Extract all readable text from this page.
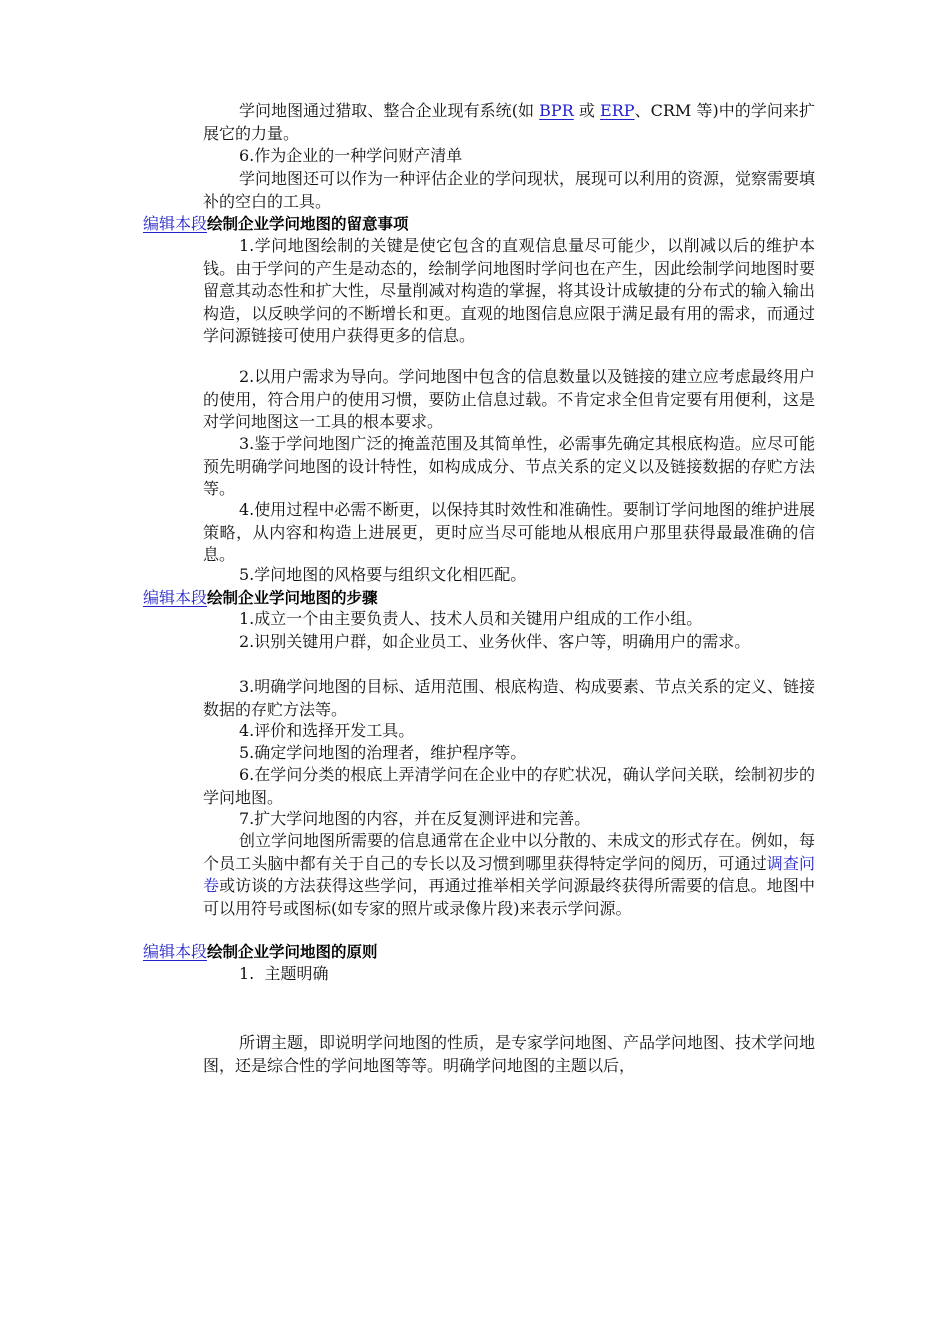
学问地图通过猎取、整合企业现有系统(如 BPR 或 ERP、CRM 等)中的学问来扩展它的力量。

6.作为企业的一种学问财产清单

学问地图还可以作为一种评估企业的学问现状，展现可以利用的资源，觉察需要填补的空白的工具。

编辑本段绘制企业学问地图的留意事项

1.学问地图绘制的关键是使它包含的直观信息量尽可能少，以削减以后的维护本钱。由于学问的产生是动态的，绘制学问地图时学问也在产生，因此绘制学问地图时要留意其动态性和扩大性，尽量削减对构造的掌握，将其设计成敏捷的分布式的输入输出构造，以反映学问的不断增长和更。直观的地图信息应限于满足最有用的需求，而通过学问源链接可使用户获得更多的信息。

2.以用户需求为导向。学问地图中包含的信息数量以及链接的建立应考虑最终用户的使用，符合用户的使用习惯，要防止信息过载。不肯定求全但肯定要有用便利，这是对学问地图这一工具的根本要求。

3.鉴于学问地图广泛的掩盖范围及其简单性，必需事先确定其根底构造。应尽可能预先明确学问地图的设计特性，如构成成分、节点关系的定义以及链接数据的存贮方法等。

4.使用过程中必需不断更，以保持其时效性和准确性。要制订学问地图的维护进展策略，从内容和构造上进展更，更时应当尽可能地从根底用户那里获得最最准确的信息。

5.学问地图的风格要与组织文化相匹配。

编辑本段绘制企业学问地图的步骤

1.成立一个由主要负责人、技术人员和关键用户组成的工作小组。

2.识别关键用户群，如企业员工、业务伙伴、客户等，明确用户的需求。

3.明确学问地图的目标、适用范围、根底构造、构成要素、节点关系的定义、链接数据的存贮方法等。

4.评价和选择开发工具。

5.确定学问地图的治理者，维护程序等。

6.在学问分类的根底上弄清学问在企业中的存贮状况，确认学问关联，绘制初步的学问地图。

7.扩大学问地图的内容，并在反复测评进和完善。

创立学问地图所需要的信息通常在企业中以分散的、未成文的形式存在。例如，每个员工头脑中都有关于自己的专长以及习惯到哪里获得特定学问的阅历，可通过调查问卷或访谈的方法获得这些学问，再通过推举相关学问源最终获得所需要的信息。地图中可以用符号或图标(如专家的照片或录像片段)来表示学问源。

编辑本段绘制企业学问地图的原则

1.  主题明确

所谓主题，即说明学问地图的性质，是专家学问地图、产品学问地图、技术学问地图，还是综合性的学问地图等等。明确学问地图的主题以后，
